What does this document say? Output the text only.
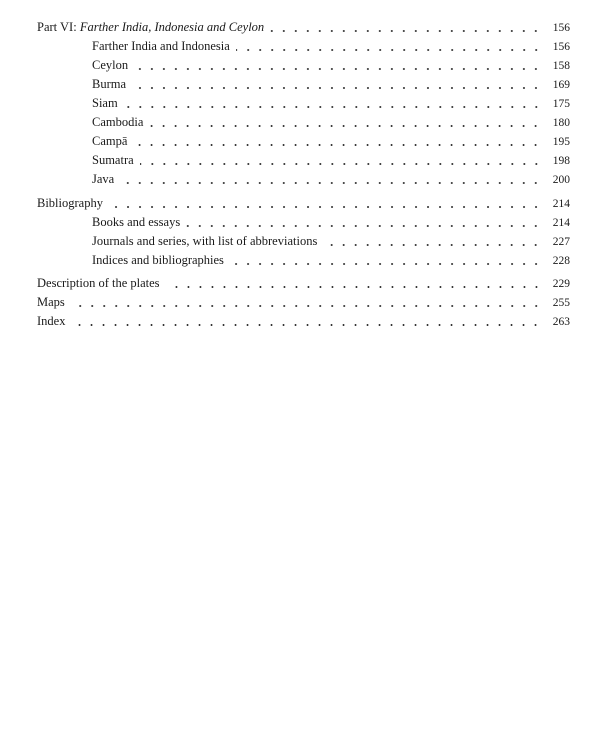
Part VI: Farther India, Indonesia and Ceylon	156
Farther India and Indonesia	156
Ceylon	158
Burma	169
Siam	175
Cambodia	180
Campā	195
Sumatra	198
Java	200
Bibliography	214
Books and essays	214
Journals and series, with list of abbreviations	227
Indices and bibliographies	228
Description of the plates	229
Maps	255
Index	263
